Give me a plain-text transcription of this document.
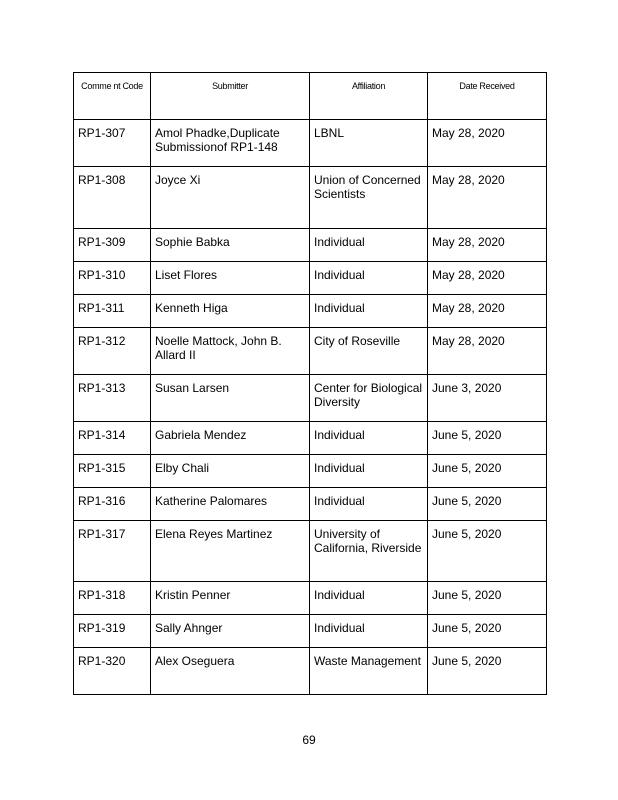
Comme nt Code	Submitter	Affiliation	Date Received
RP1-307	Amol Phadke,Duplicate Submissionof RP1-148	LBNL	May 28, 2020
RP1-308	Joyce Xi	Union of Concerned Scientists	May 28, 2020
RP1-309	Sophie Babka	Individual	May 28, 2020
RP1-310	Liset Flores	Individual	May 28, 2020
RP1-311	Kenneth Higa	Individual	May 28, 2020
RP1-312	Noelle Mattock, John B. Allard II	City of Roseville	May 28, 2020
RP1-313	Susan Larsen	Center for Biological Diversity	June 3, 2020
RP1-314	Gabriela Mendez	Individual	June 5, 2020
RP1-315	Elby Chali	Individual	June 5, 2020
RP1-316	Katherine Palomares	Individual	June 5, 2020
RP1-317	Elena Reyes Martinez	University of California, Riverside	June 5, 2020
RP1-318	Kristin Penner	Individual	June 5, 2020
RP1-319	Sally Ahnger	Individual	June 5, 2020
RP1-320	Alex Oseguera	Waste Management	June 5, 2020
69
